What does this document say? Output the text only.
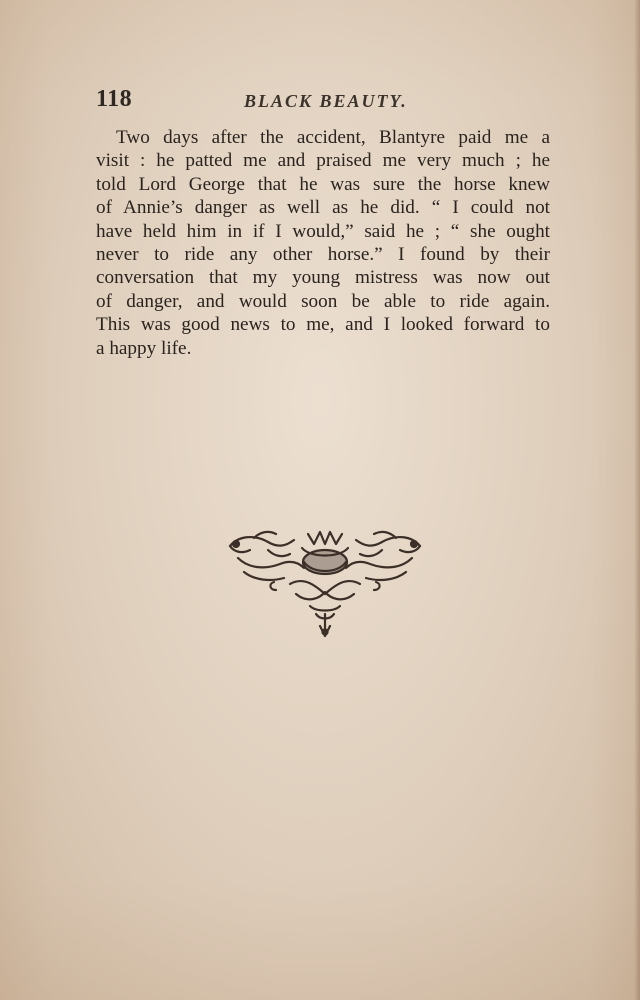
118	BLACK BEAUTY.
Two days after the accident, Blantyre paid me a
visit : he patted me and praised me very much ; he
told Lord George that he was sure the horse knew
of Annie’s danger as well as he did. “ I could not
have held him in if I would,” said he ; “ she ought
never to ride any other horse.” I found by their
conversation that my young mistress was now out
of danger, and would soon be able to ride again.
This was good news to me, and I looked forward to
a happy life.
